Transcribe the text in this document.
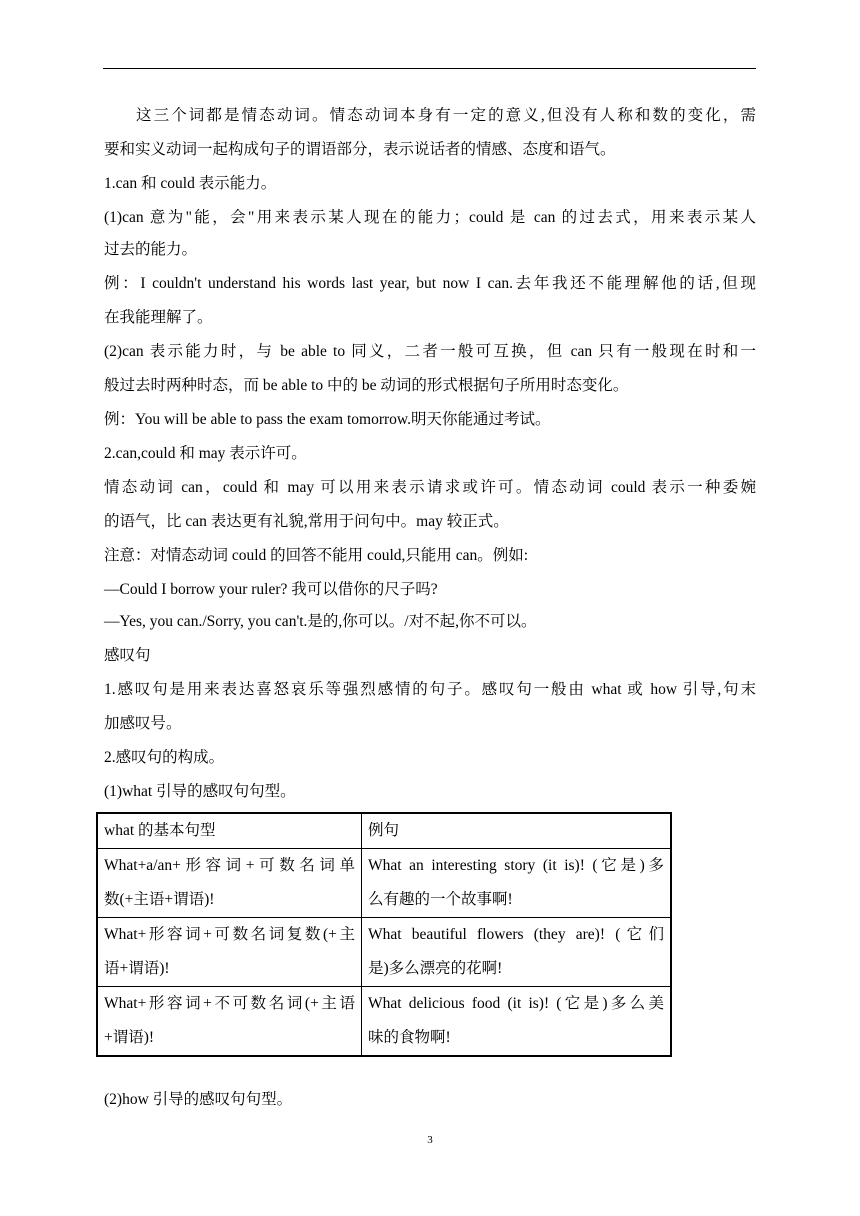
这三个词都是情态动词。情态动词本身有一定的意义,但没有人称和数的变化，需
要和实义动词一起构成句子的谓语部分，表示说话者的情感、态度和语气。
1.can 和 could 表示能力。
(1)can 意为"能，会"用来表示某人现在的能力；could 是 can 的过去式，用来表示某人
过去的能力。
例：I couldn't understand his words last year, but now I can.去年我还不能理解他的话,但现
在我能理解了。
(2)can 表示能力时，与 be able to 同义，二者一般可互换，但 can 只有一般现在时和一
般过去时两种时态，而 be able to 中的 be 动词的形式根据句子所用时态变化。
例：You will be able to pass the exam tomorrow.明天你能通过考试。
2.can,could 和 may 表示许可。
情态动词 can，could 和 may 可以用来表示请求或许可。情态动词 could 表示一种委婉
的语气，比 can 表达更有礼貌,常用于问句中。may 较正式。
注意：对情态动词 could 的回答不能用 could,只能用 can。例如:
—Could I borrow your ruler? 我可以借你的尺子吗?
—Yes, you can./Sorry, you can't.是的,你可以。/对不起,你不可以。
感叹句
1.感叹句是用来表达喜怒哀乐等强烈感情的句子。感叹句一般由 what 或 how 引导,句末
加感叹号。
2.感叹句的构成。
(1)what 引导的感叹句句型。
what 的基本句型	例句

What+a/an+形容词+可数名词单
数(+主语+谓语)!	What an interesting story (it is)! (它是)多
么有趣的一个故事啊!

What+形容词+可数名词复数(+主
语+谓语)!	What beautiful flowers (they are)! (它们
是)多么漂亮的花啊!

What+形容词+不可数名词(+主语
+谓语)!	What delicious food (it is)! (它是)多么美
味的食物啊!
(2)how 引导的感叹句句型。
3
